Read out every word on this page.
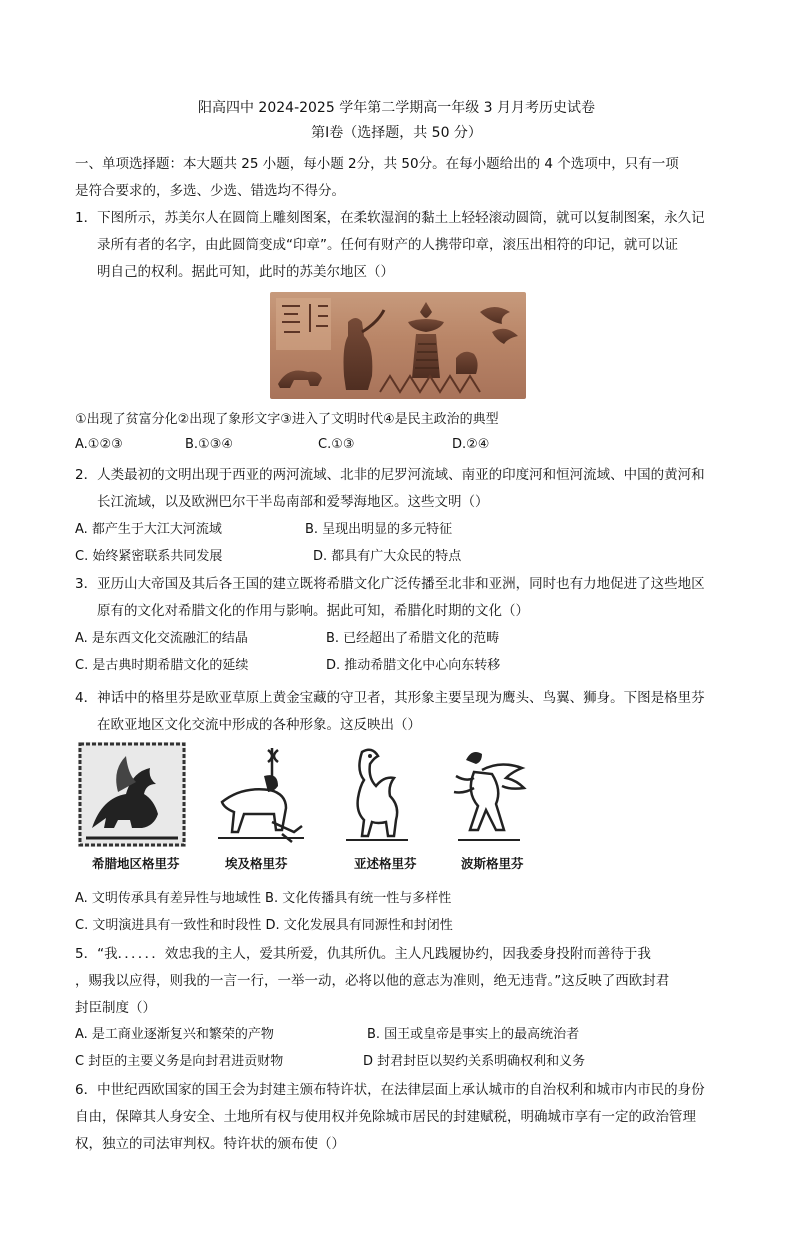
阳高四中 2024-2025 学年第二学期高一年级 3 月月考历史试卷
第Ⅰ卷（选择题，共 50 分）
一、单项选择题：本大题共 25 小题，每小题 2分，共 50分。在每小题给出的 4 个选项中，只有一项
是符合要求的，多选、少选、错选均不得分。
1．下图所示，苏美尔人在圆筒上雕刻图案，在柔软湿润的黏土上轻轻滚动圆筒，就可以复制图案，永久记
录所有者的名字，由此圆筒变成“印章”。任何有财产的人携带印章，滚压出相符的印记，就可以证
明自己的权利。据此可知，此时的苏美尔地区（）
①出现了贫富分化②出现了象形文字③进入了文明时代④是民主政治的典型
A.①②③	B.①③④	C.①③	D.②④
2．人类最初的文明出现于西亚的两河流域、北非的尼罗河流域、南亚的印度河和恒河流域、中国的黄河和
长江流域，以及欧洲巴尔干半岛南部和爱琴海地区。这些文明（）
A. 都产生于大江大河流域	B. 呈现出明显的多元特征
C. 始终紧密联系共同发展	D. 都具有广大众民的特点
3．亚历山大帝国及其后各王国的建立既将希腊文化广泛传播至北非和亚洲，同时也有力地促进了这些地区
原有的文化对希腊文化的作用与影响。据此可知，希腊化时期的文化（）
A. 是东西文化交流融汇的结晶	B. 已经超出了希腊文化的范畴
C. 是古典时期希腊文化的延续	D. 推动希腊文化中心向东转移
4．神话中的格里芬是欧亚草原上黄金宝藏的守卫者，其形象主要呈现为鹰头、鸟翼、狮身。下图是格里芬
在欧亚地区文化交流中形成的各种形象。这反映出（）
希腊地区格里芬	埃及格里芬	亚述格里芬	波斯格里芬
A. 文明传承具有差异性与地域性 B. 文化传播具有统一性与多样性
C. 文明演进具有一致性和时段性 D. 文化发展具有同源性和封闭性
5．“我．．．．．．效忠我的主人，爱其所爱，仇其所仇。主人凡践履协约，因我委身投附而善待于我
，赐我以应得，则我的一言一行，一举一动，必将以他的意志为准则，绝无违背。”这反映了西欧封君
封臣制度（）
A. 是工商业逐渐复兴和繁荣的产物	B. 国王或皇帝是事实上的最高统治者
C 封臣的主要义务是向封君进贡财物	D 封君封臣以契约关系明确权利和义务
6．中世纪西欧国家的国王会为封建主颁布特许状，在法律层面上承认城市的自治权利和城市内市民的身份
自由，保障其人身安全、土地所有权与使用权并免除城市居民的封建赋税，明确城市享有一定的政治管理
权，独立的司法审判权。特许状的颁布使（）
